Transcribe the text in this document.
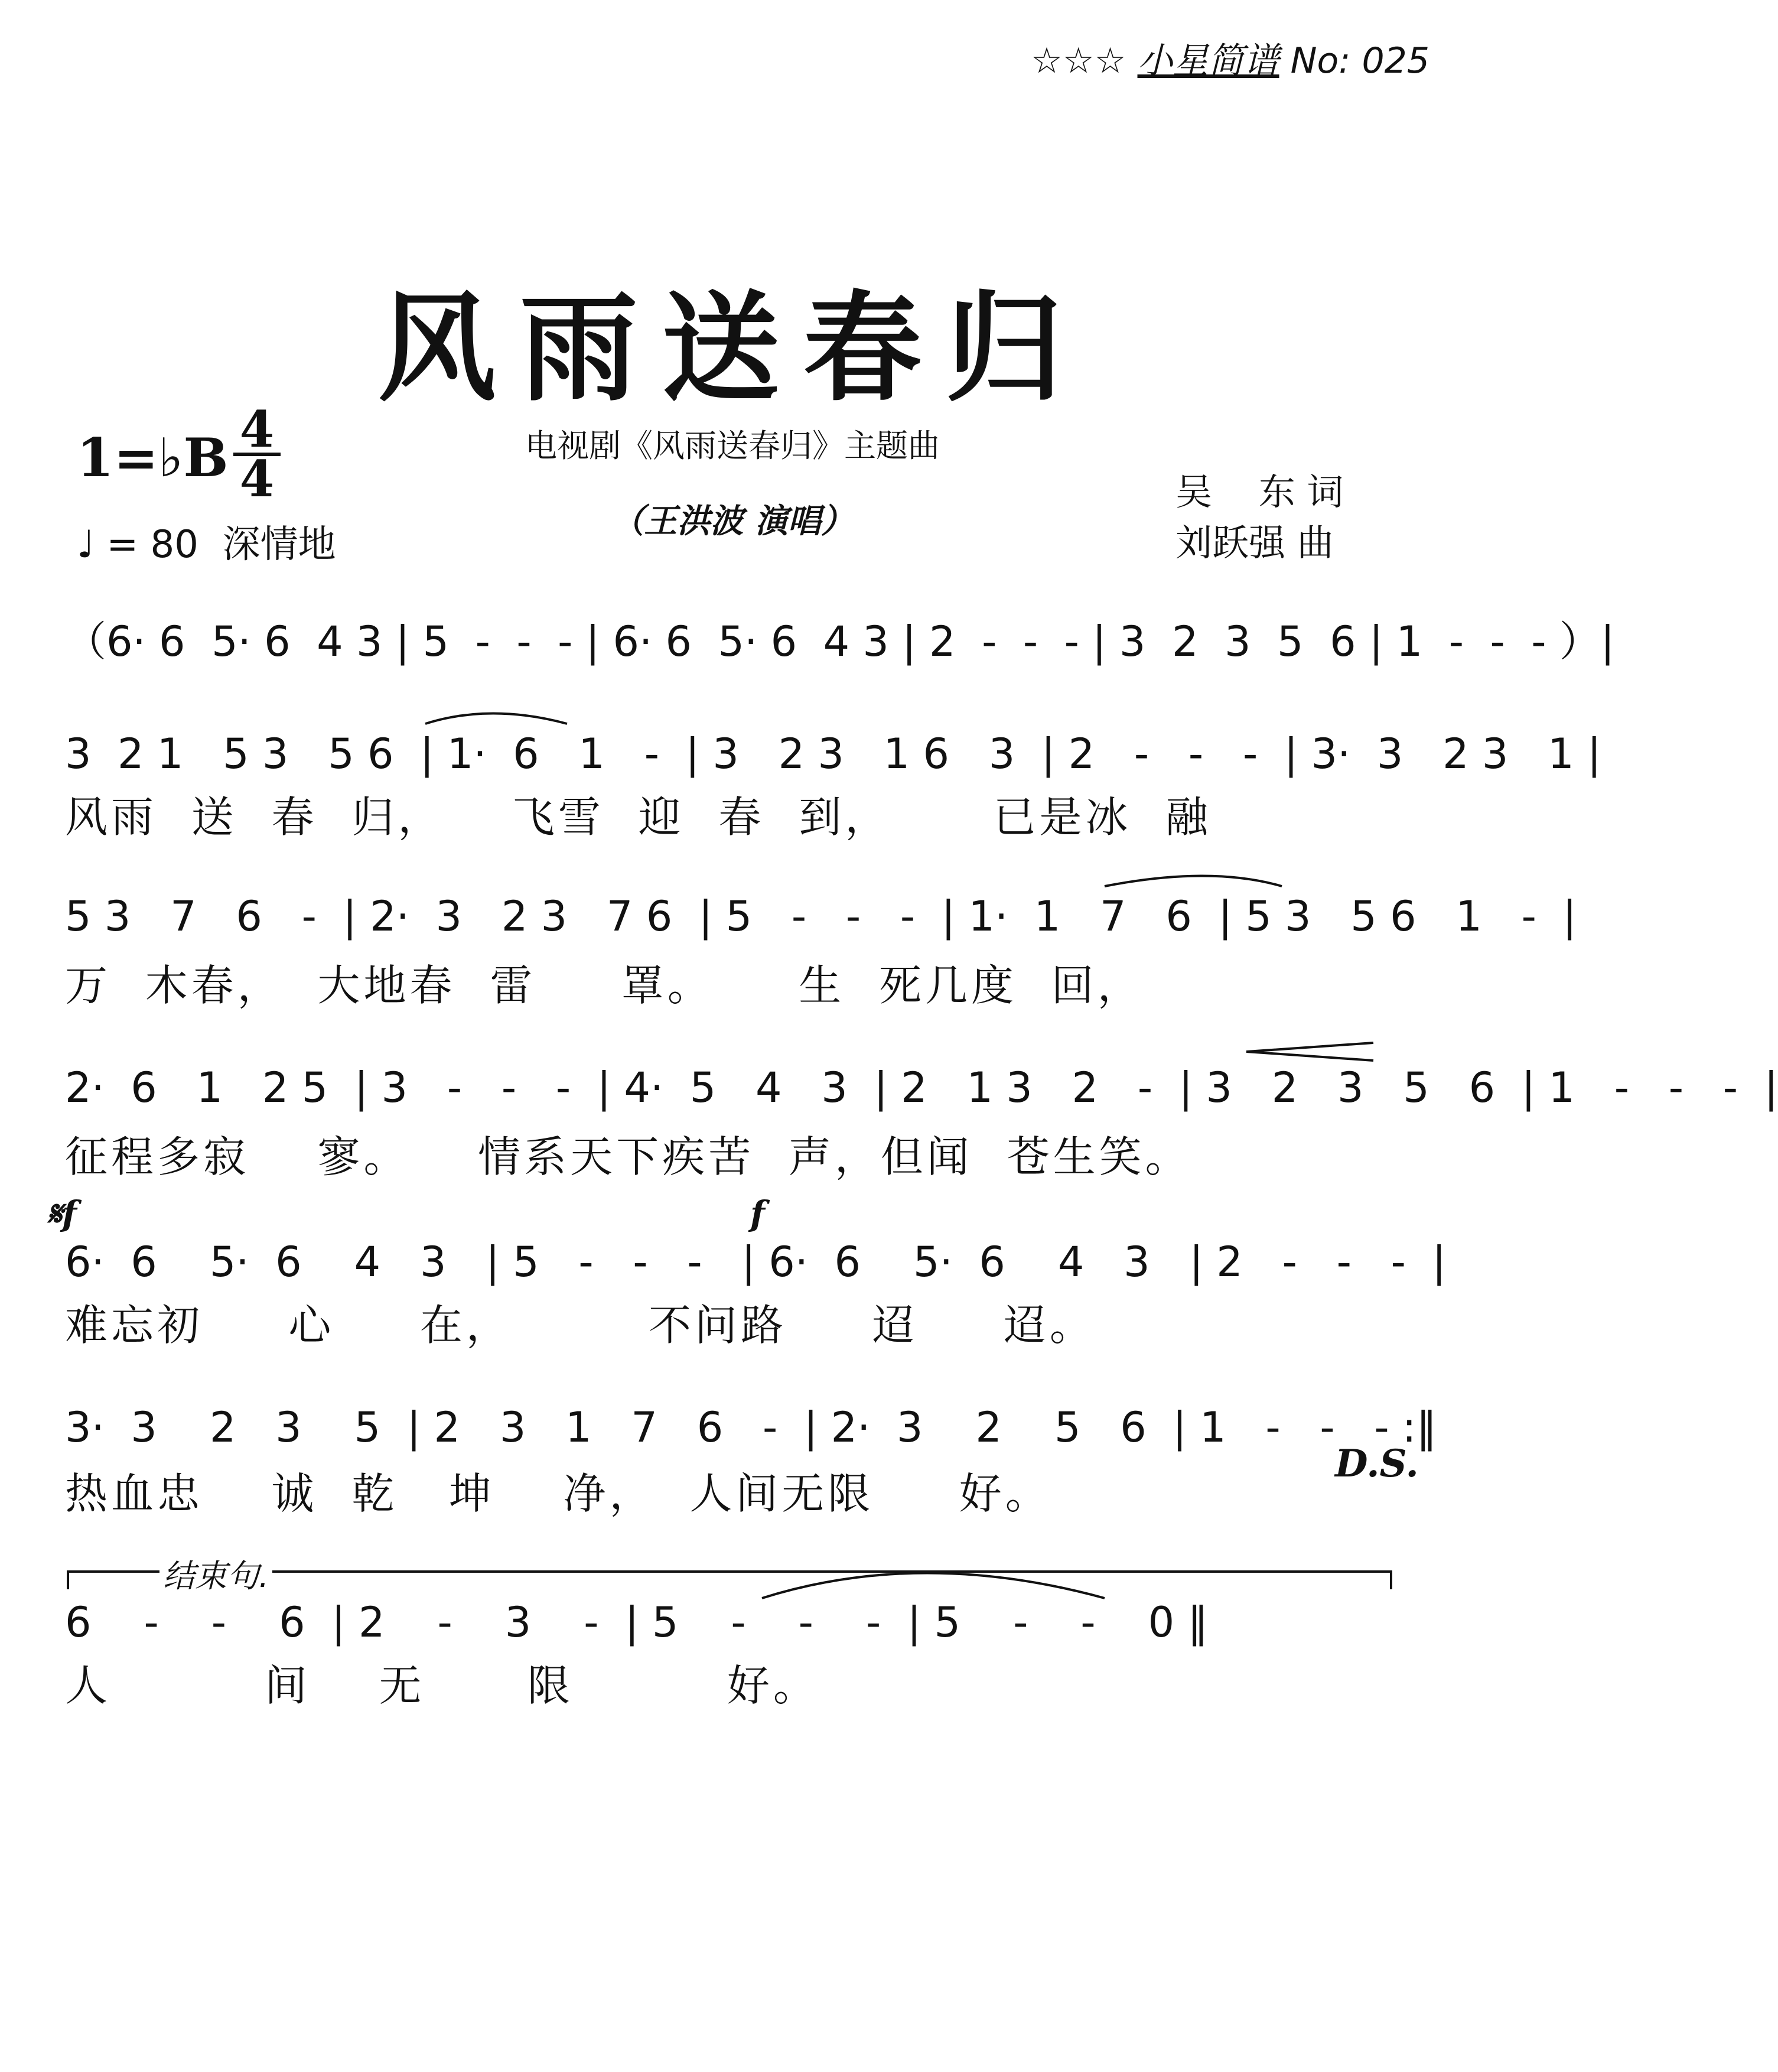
☆☆☆ 小星简谱 No: 025
风雨送春归
电视剧《风雨送春归》主题曲
（王洪波 演唱）
1=♭B 4
4
♩ = 80 深情地
吴    东 词
刘跃强 曲
（6· 6  5· 6  4 3 | 5  -  -  - | 6· 6  5· 6  4 3 | 2  -  -  - | 3  2  3  5  6 | 1  -  -  - ）|
3  2 1   5 3   5 6  | 1·  6   1   -  | 3   2 3   1 6   3  | 2   -   -   -  | 3·  3   2 3   1 |
风雨  送  春  归，    飞雪  迎  春  到，      已是冰  融
5 3   7   6   -  | 2·  3   2 3   7 6  | 5   -   -   -  | 1·  1   7   6  | 5 3   5 6   1   -  |
万  木春，  大地春  雷     罩。     生  死几度  回，
2·  6   1   2 5  | 3   -   -   -  | 4·  5   4   3  | 2   1 3   2   -  | 3   2   3   5   6  | 1   -   -   -  |
征程多寂    寥。    情系天下疾苦  声，但闻  苍生笑。
𝄋f	f
6·  6    5·  6    4   3   | 5   -   -   -   | 6·  6    5·  6    4   3   | 2   -   -   -  |
难忘初     心     在，        不问路     迢     迢。
3·  3    2   3    5  | 2   3   1   7   6   -  | 2·  3    2    5   6  | 1   -   -   - :‖
热血忠    诚  乾   坤    净，  人间无限     好。
D.S.
结束句.
6    -    -    6  | 2    -    3    -  | 5    -    -    -  | 5    -    -    0 ‖
人         间    无      限         好。
